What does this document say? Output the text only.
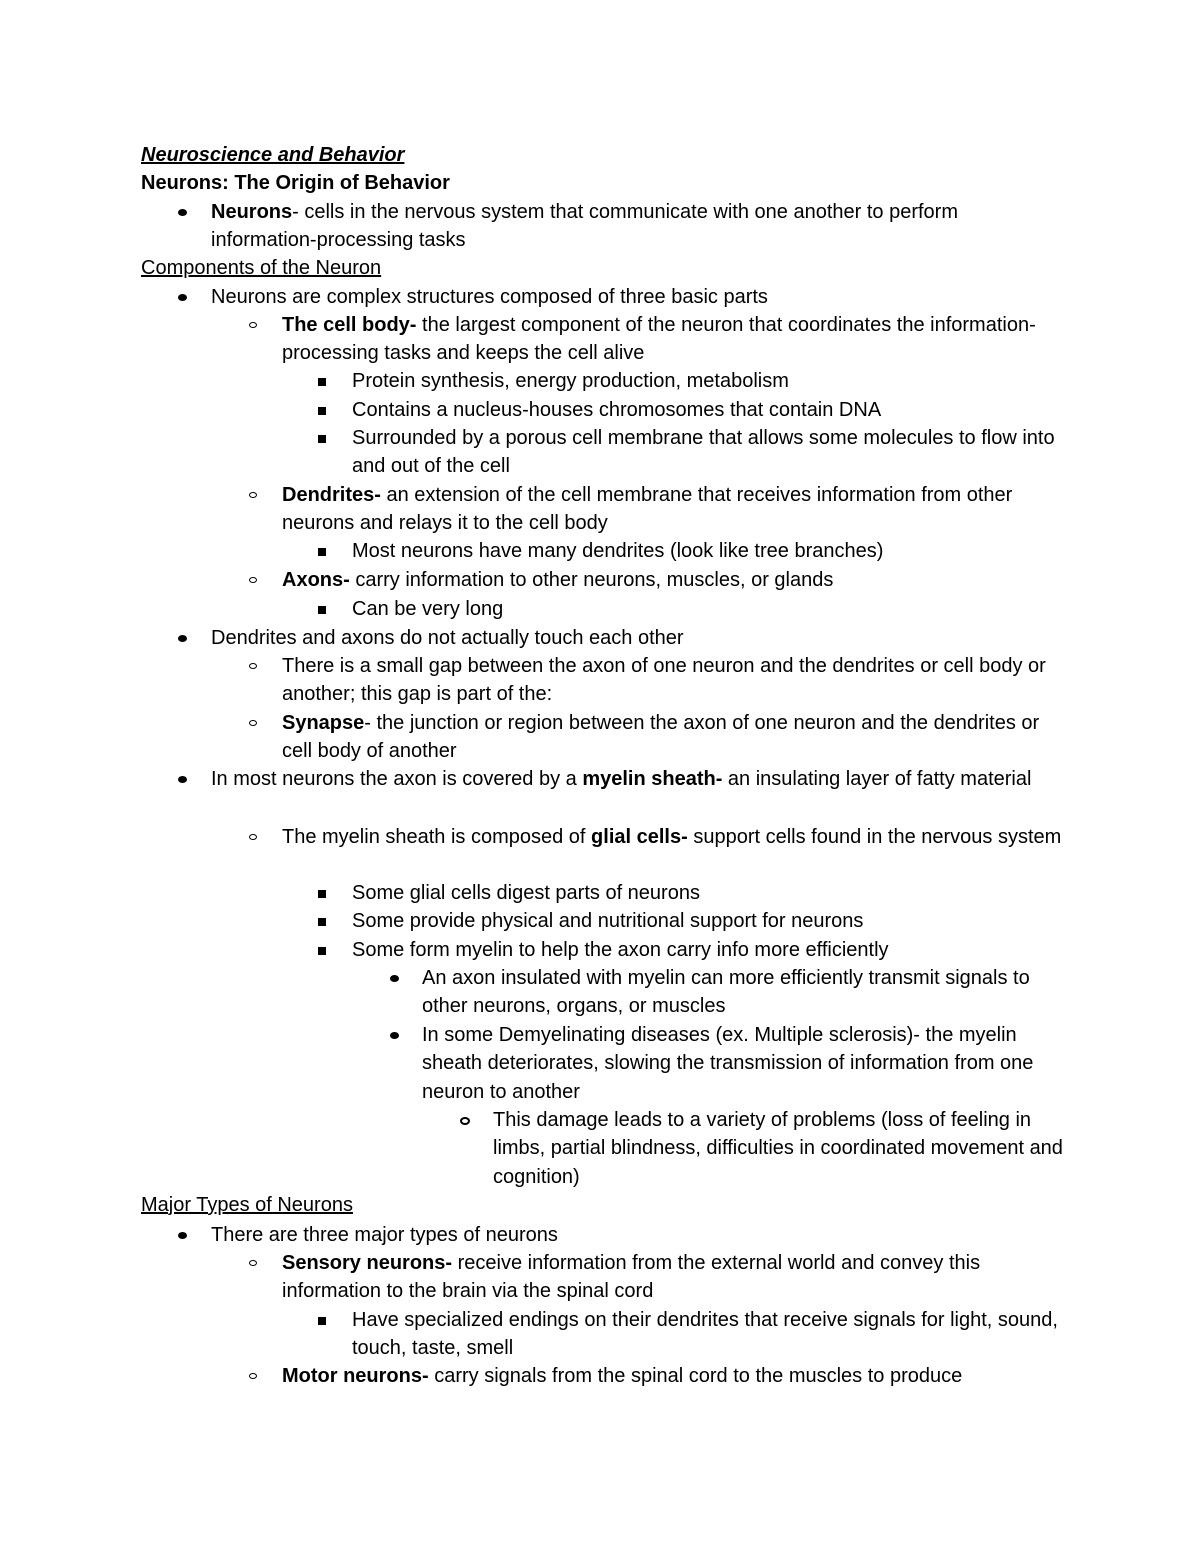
Neuroscience and Behavior
Neurons: The Origin of Behavior
Neurons- cells in the nervous system that communicate with one another to perform information-processing tasks
Components of the Neuron
Neurons are complex structures composed of three basic parts
The cell body- the largest component of the neuron that coordinates the information-processing tasks and keeps the cell alive
Protein synthesis, energy production, metabolism
Contains a nucleus-houses chromosomes that contain DNA
Surrounded by a porous cell membrane that allows some molecules to flow into and out of the cell
Dendrites- an extension of the cell membrane that receives information from other neurons and relays it to the cell body
Most neurons have many dendrites (look like tree branches)
Axons- carry information to other neurons, muscles, or glands
Can be very long
Dendrites and axons do not actually touch each other
There is a small gap between the axon of one neuron and the dendrites or cell body or another; this gap is part of the:
Synapse- the junction or region between the axon of one neuron and the dendrites or cell body of another
In most neurons the axon is covered by a myelin sheath- an insulating layer of fatty material
The myelin sheath is composed of glial cells- support cells found in the nervous system
Some glial cells digest parts of neurons
Some provide physical and nutritional support for neurons
Some form myelin to help the axon carry info more efficiently
An axon insulated with myelin can more efficiently transmit signals to other neurons, organs, or muscles
In some Demyelinating diseases (ex. Multiple sclerosis)- the myelin sheath deteriorates, slowing the transmission of information from one neuron to another
This damage leads to a variety of problems (loss of feeling in limbs, partial blindness, difficulties in coordinated movement and cognition)
Major Types of Neurons
There are three major types of neurons
Sensory neurons- receive information from the external world and convey this information to the brain via the spinal cord
Have specialized endings on their dendrites that receive signals for light, sound, touch, taste, smell
Motor neurons- carry signals from the spinal cord to the muscles to produce
